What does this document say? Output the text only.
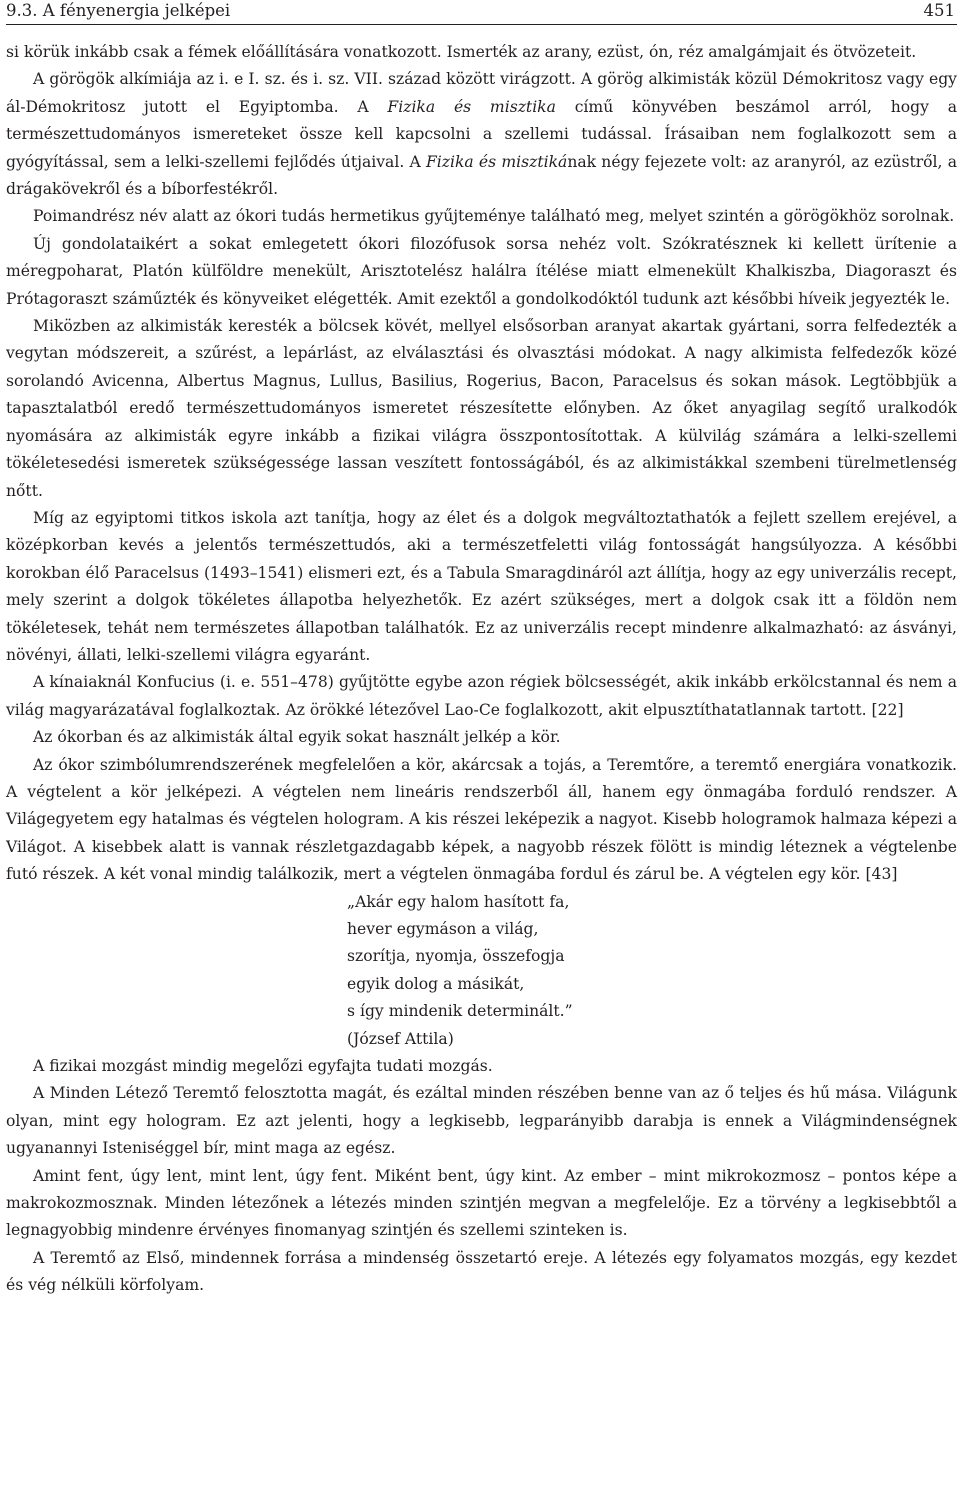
9.3. A fényenergia jelképei	451

si körük inkább csak a fémek előállítására vonatkozott. Ismerték az arany, ezüst, ón, réz amalgámjait és ötvözeteit.

A görögök alkímiája az i. e I. sz. és i. sz. VII. század között virágzott. A görög alkimisták közül Démokritosz vagy egy ál-Démokritosz jutott el Egyiptomba. A Fizika és misztika című könyvében beszámol arról, hogy a természettudományos ismereteket össze kell kapcsolni a szellemi tudással. Írásaiban nem foglalkozott sem a gyógyítással, sem a lelki-szellemi fejlődés útjaival. A Fizika és misztikának négy fejezete volt: az aranyról, az ezüstről, a drágakövekről és a bíborfestékről.

Poimandrész név alatt az ókori tudás hermetikus gyűjteménye található meg, melyet szintén a görögökhöz sorolnak.

Új gondolataikért a sokat emlegetett ókori filozófusok sorsa nehéz volt. Szókratésznek ki kellett ürítenie a méregpoharat, Platón külföldre menekült, Arisztotelész halálra ítélése miatt elmenekült Khalkiszba, Diagoraszt és Prótagoraszt száműzték és könyveiket elégették. Amit ezektől a gondolkodóktól tudunk azt későbbi híveik jegyezték le.

Miközben az alkimisták keresték a bölcsek kövét, mellyel elsősorban aranyat akartak gyártani, sorra felfedezték a vegytan módszereit, a szűrést, a lepárlást, az elválasztási és olvasztási módokat. A nagy alkimista felfedezők közé sorolandó Avicenna, Albertus Magnus, Lullus, Basilius, Rogerius, Bacon, Paracelsus és sokan mások. Legtöbbjük a tapasztalatból eredő természettudományos ismeretet részesítette előnyben. Az őket anyagilag segítő uralkodók nyomására az alkimisták egyre inkább a fizikai világra összpontosítottak. A külvilág számára a lelki-szellemi tökéletesedési ismeretek szükségessége lassan veszített fontosságából, és az alkimistákkal szembeni türelmetlenség nőtt.

Míg az egyiptomi titkos iskola azt tanítja, hogy az élet és a dolgok megváltoztathatók a fejlett szellem erejével, a középkorban kevés a jelentős természettudós, aki a természetfeletti világ fontosságát hangsúlyozza. A későbbi korokban élő Paracelsus (1493–1541) elismeri ezt, és a Tabula Smaragdináról azt állítja, hogy az egy univerzális recept, mely szerint a dolgok tökéletes állapotba helyezhetők. Ez azért szükséges, mert a dolgok csak itt a földön nem tökéletesek, tehát nem természetes állapotban találhatók. Ez az univerzális recept mindenre alkalmazható: az ásványi, növényi, állati, lelki-szellemi világra egyaránt.

A kínaiaknál Konfucius (i. e. 551–478) gyűjtötte egybe azon régiek bölcsességét, akik inkább erkölcstannal és nem a világ magyarázatával foglalkoztak. Az örökké létezővel Lao-Ce foglalkozott, akit elpusztíthatatlannak tartott. [22]

Az ókorban és az alkimisták által egyik sokat használt jelkép a kör.

Az ókor szimbólumrendszerének megfelelően a kör, akárcsak a tojás, a Teremtőre, a teremtő energiára vonatkozik. A végtelent a kör jelképezi. A végtelen nem lineáris rendszerből áll, hanem egy önmagába forduló rendszer. A Világegyetem egy hatalmas és végtelen hologram. A kis részei leképezik a nagyot. Kisebb hologramok halmaza képezi a Világot. A kisebbek alatt is vannak részletgazdagabb képek, a nagyobb részek fölött is mindig léteznek a végtelenbe futó részek. A két vonal mindig találkozik, mert a végtelen önmagába fordul és zárul be. A végtelen egy kör. [43]

„Akár egy halom hasított fa,
hever egymáson a világ,
szorítja, nyomja, összefogja
egyik dolog a másikát,
s így mindenik determinált.”
(József Attila)

A fizikai mozgást mindig megelőzi egyfajta tudati mozgás.

A Minden Létező Teremtő felosztotta magát, és ezáltal minden részében benne van az ő teljes és hű mása. Világunk olyan, mint egy hologram. Ez azt jelenti, hogy a legkisebb, legparányibb darabja is ennek a Világmindenségnek ugyanannyi Isteniséggel bír, mint maga az egész.

Amint fent, úgy lent, mint lent, úgy fent. Miként bent, úgy kint. Az ember – mint mikrokozmosz – pontos képe a makrokozmosznak. Minden létezőnek a létezés minden szintjén megvan a megfelelője. Ez a törvény a legkisebbtől a legnagyobbig mindenre érvényes finomanyag szintjén és szellemi szinteken is.

A Teremtő az Első, mindennek forrása a mindenség összetartó ereje. A létezés egy folyamatos mozgás, egy kezdet és vég nélküli körfolyam.
